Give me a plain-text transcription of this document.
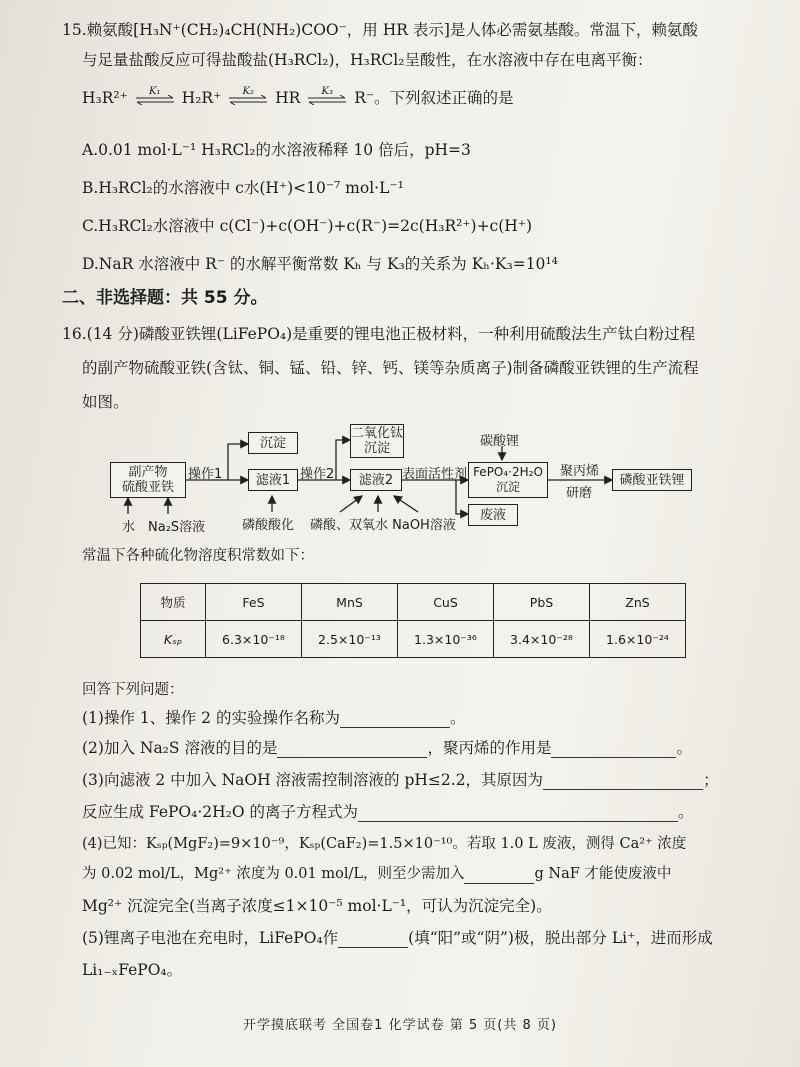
15.赖氨酸[H₃N⁺(CH₂)₄CH(NH₂)COO⁻，用 HR 表示]是人体必需氨基酸。常温下，赖氨酸
与足量盐酸反应可得盐酸盐(H₃RCl₂)，H₃RCl₂呈酸性，在水溶液中存在电离平衡：
H₃R²⁺	K₁	H₂R⁺	K₂	HR	K₃	R⁻。下列叙述正确的是
A.0.01 mol·L⁻¹ H₃RCl₂的水溶液稀释 10 倍后，pH=3
B.H₃RCl₂的水溶液中 c水(H⁺)<10⁻⁷ mol·L⁻¹
C.H₃RCl₂水溶液中 c(Cl⁻)+c(OH⁻)+c(R⁻)=2c(H₃R²⁺)+c(H⁺)
D.NaR 水溶液中 R⁻ 的水解平衡常数 Kₕ 与 K₃的关系为 Kₕ·K₃=10¹⁴
二、非选择题：共 55 分。
16.(14 分)磷酸亚铁锂(LiFePO₄)是重要的锂电池正极材料，一种利用硫酸法生产钛白粉过程
的副产物硫酸亚铁(含钛、铜、锰、铅、锌、钙、镁等杂质离子)制备磷酸亚铁锂的生产流程
如图。
副产物
硫酸亚铁
操作1
沉淀
滤液1 操作2
二氧化钛
沉淀
滤液2 表面活性剂
碳酸锂
FePO₄·2H₂O
沉淀
废液
聚丙烯
研磨
磷酸亚铁锂
水 Na₂S溶液	磷酸酸化 磷酸、双氧水 NaOH溶液
常温下各种硫化物溶度积常数如下：
物质	FeS	MnS	CuS	PbS	ZnS
Kₛₚ	6.3×10⁻¹⁸	2.5×10⁻¹³	1.3×10⁻³⁶	3.4×10⁻²⁸	1.6×10⁻²⁴
回答下列问题：
(1)操作 1、操作 2 的实验操作名称为	。
(2)加入 Na₂S 溶液的目的是	，聚丙烯的作用是	。
(3)向滤液 2 中加入 NaOH 溶液需控制溶液的 pH≤2.2，其原因为	；
反应生成 FePO₄·2H₂O 的离子方程式为	。
(4)已知：Kₛₚ(MgF₂)=9×10⁻⁹，Kₛₚ(CaF₂)=1.5×10⁻¹⁰。若取 1.0 L 废液，测得 Ca²⁺ 浓度
为 0.02 mol/L，Mg²⁺ 浓度为 0.01 mol/L，则至少需加入	g NaF 才能使废液中
Mg²⁺ 沉淀完全(当离子浓度≤1×10⁻⁵ mol·L⁻¹，可认为沉淀完全)。
(5)锂离子电池在充电时，LiFePO₄作	(填“阳”或“阴”)极，脱出部分 Li⁺，进而形成
Li₁₋ₓFePO₄。
开学摸底联考 全国卷1 化学试卷 第 5 页(共 8 页)
